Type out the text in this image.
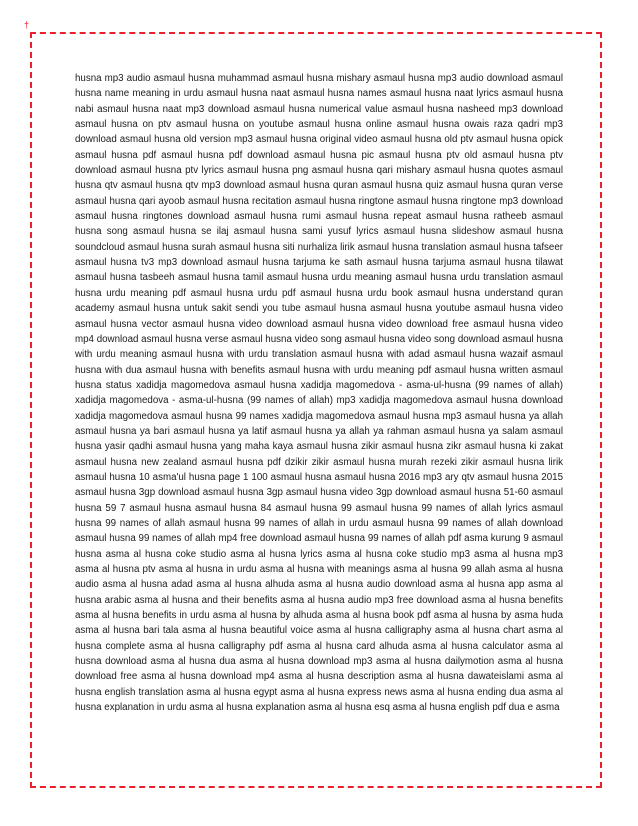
†

husna mp3 audio asmaul husna muhammad asmaul husna mishary asmaul husna mp3 audio download asmaul husna name meaning in urdu asmaul husna naat asmaul husna names asmaul husna naat lyrics asmaul husna nabi asmaul husna naat mp3 download asmaul husna numerical value asmaul husna nasheed mp3 download asmaul husna on ptv asmaul husna on youtube asmaul husna online asmaul husna owais raza qadri mp3 download asmaul husna old version mp3 asmaul husna original video asmaul husna old ptv asmaul husna opick asmaul husna pdf asmaul husna pdf download asmaul husna pic asmaul husna ptv old asmaul husna ptv download asmaul husna ptv lyrics asmaul husna png asmaul husna qari mishary asmaul husna quotes asmaul husna qtv asmaul husna qtv mp3 download asmaul husna quran asmaul husna quiz asmaul husna quran verse asmaul husna qari ayoob asmaul husna recitation asmaul husna ringtone asmaul husna ringtone mp3 download asmaul husna ringtones download asmaul husna rumi asmaul husna repeat asmaul husna ratheeb asmaul husna song asmaul husna se ilaj asmaul husna sami yusuf lyrics asmaul husna slideshow asmaul husna soundcloud asmaul husna surah asmaul husna siti nurhaliza lirik asmaul husna translation asmaul husna tafseer asmaul husna tv3 mp3 download asmaul husna tarjuma ke sath asmaul husna tarjuma asmaul husna tilawat asmaul husna tasbeeh asmaul husna tamil asmaul husna urdu meaning asmaul husna urdu translation asmaul husna urdu meaning pdf asmaul husna urdu pdf asmaul husna urdu book asmaul husna understand quran academy asmaul husna untuk sakit sendi you tube asmaul husna asmaul husna youtube asmaul husna video asmaul husna vector asmaul husna video download asmaul husna video download free asmaul husna video mp4 download asmaul husna verse asmaul husna video song asmaul husna video song download asmaul husna with urdu meaning asmaul husna with urdu translation asmaul husna with adad asmaul husna wazaif asmaul husna with dua asmaul husna with benefits asmaul husna with urdu meaning pdf asmaul husna written asmaul husna status xadidja magomedova asmaul husna xadidja magomedova - asma-ul-husna (99 names of allah) xadidja magomedova - asma-ul-husna (99 names of allah) mp3 xadidja magomedova asmaul husna download xadidja magomedova asmaul husna 99 names xadidja magomedova asmaul husna mp3 asmaul husna ya allah asmaul husna ya bari asmaul husna ya latif asmaul husna ya allah ya rahman asmaul husna ya salam asmaul husna yasir qadhi asmaul husna yang maha kaya asmaul husna zikir asmaul husna zikr asmaul husna ki zakat asmaul husna new zealand asmaul husna pdf dzikir zikir asmaul husna murah rezeki zikir asmaul husna lirik asmaul husna 10 asma'ul husna page 1 100 asmaul husna asmaul husna 2016 mp3 ary qtv asmaul husna 2015 asmaul husna 3gp download asmaul husna 3gp asmaul husna video 3gp download asmaul husna 51-60 asmaul husna 59 7 asmaul husna asmaul husna 84 asmaul husna 99 asmaul husna 99 names of allah lyrics asmaul husna 99 names of allah asmaul husna 99 names of allah in urdu asmaul husna 99 names of allah download asmaul husna 99 names of allah mp4 free download asmaul husna 99 names of allah pdf asma kurung 9 asmaul husna asma al husna coke studio asma al husna lyrics asma al husna coke studio mp3 asma al husna mp3 asma al husna ptv asma al husna in urdu asma al husna with meanings asma al husna 99 allah asma al husna audio asma al husna adad asma al husna alhuda asma al husna audio download asma al husna app asma al husna arabic asma al husna and their benefits asma al husna audio mp3 free download asma al husna benefits asma al husna benefits in urdu asma al husna by alhuda asma al husna book pdf asma al husna by asma huda asma al husna bari tala asma al husna beautiful voice asma al husna calligraphy asma al husna chart asma al husna complete asma al husna calligraphy pdf asma al husna card alhuda asma al husna calculator asma al husna download asma al husna dua asma al husna download mp3 asma al husna dailymotion asma al husna download free asma al husna download mp4 asma al husna description asma al husna dawateislami asma al husna english translation asma al husna egypt asma al husna express news asma al husna ending dua asma al husna explanation in urdu asma al husna explanation asma al husna esq asma al husna english pdf dua e asma
